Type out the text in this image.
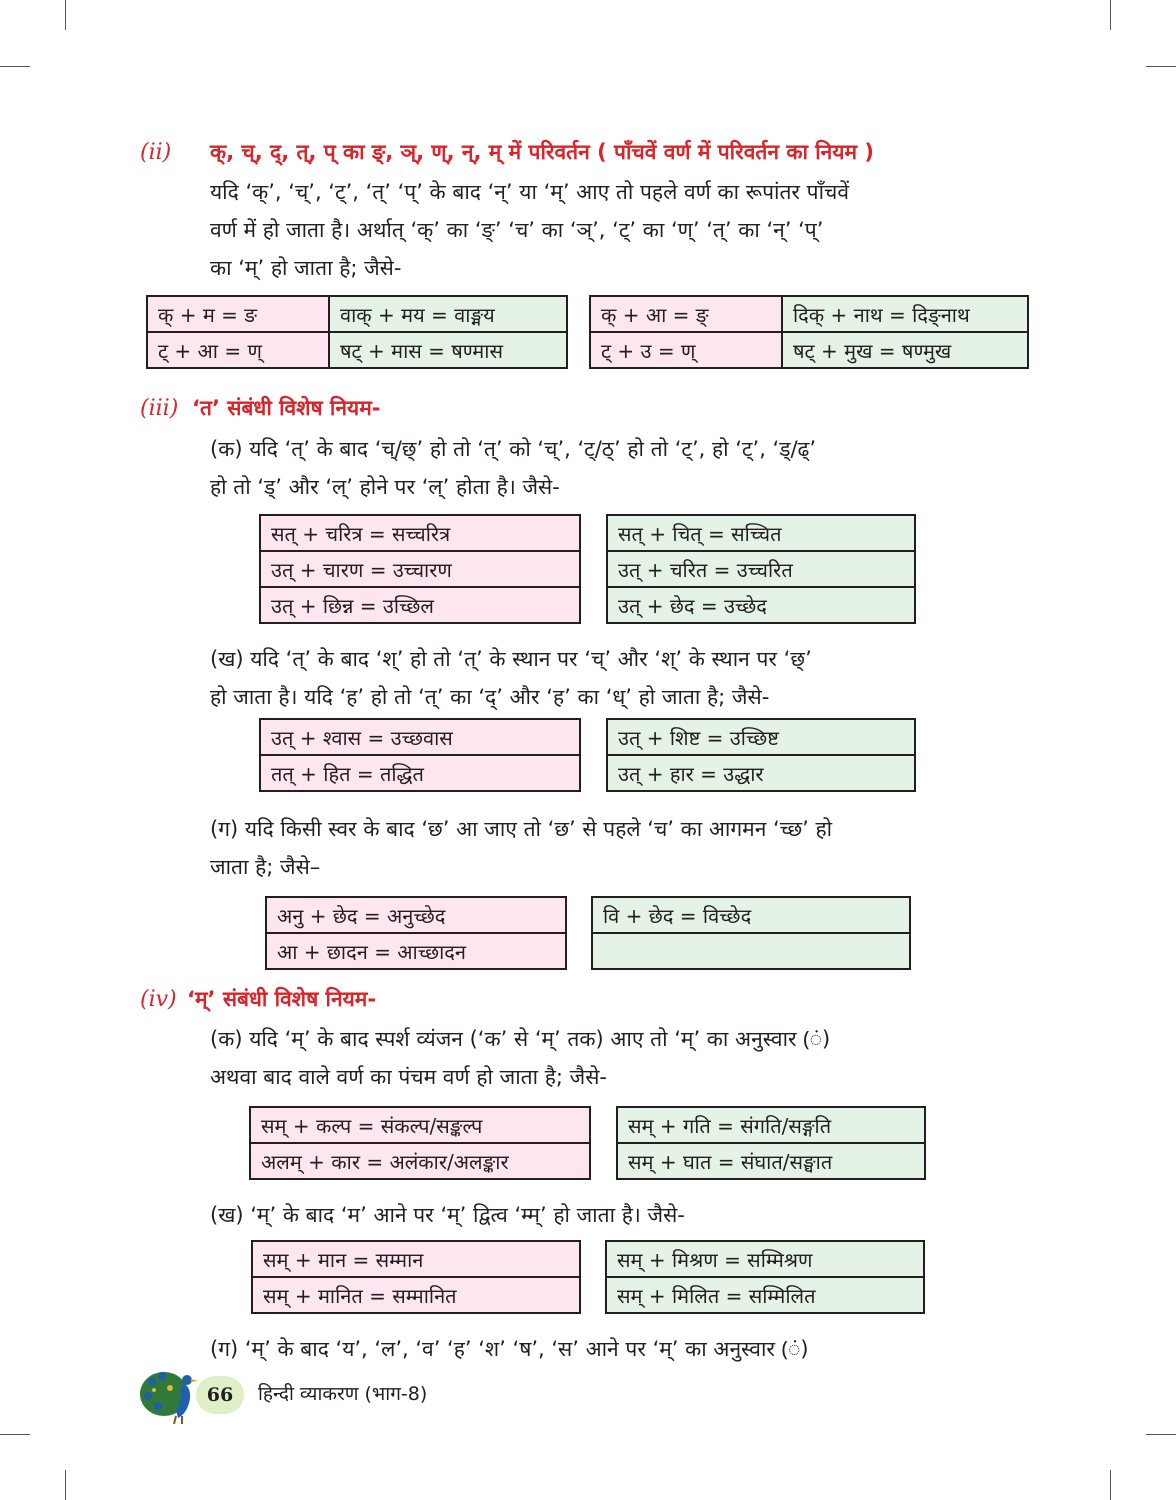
(ii) क्, च्, द्, त्, प् का ङ्, ञ्, ण्, न्, म् में परिवर्तन ( पाँचवें वर्ण में परिवर्तन का नियम )
यदि ‘क्’, ‘च्’, ‘ट्’, ‘त्’ ‘प्’ के बाद ‘न्’ या ‘म्’ आए तो पहले वर्ण का रूपांतर पाँचवें
वर्ण में हो जाता है। अर्थात् ‘क्’ का ‘ङ्’ ‘च’ का ‘ञ्’, ‘ट्’ का ‘ण्’ ‘त्’ का ‘न्’ ‘प्’
का ‘म्’ हो जाता है; जैसे-
क् + म = ङ	वाक् + मय = वाङ्मय
ट् + आ = ण्	षट् + मास = षण्मास
क् + आ = ङ्	दिक् + नाथ = दिङ्नाथ
ट् + उ = ण्	षट् + मुख = षण्मुख
(iii) ‘त’ संबंधी विशेष नियम-
(क) यदि ‘त्’ के बाद ‘च्/छ्’ हो तो ‘त्’ को ‘च्’, ‘ट्/ठ्’ हो तो ‘ट्’, हो ‘ट्’, ‘ड्/ढ्’
हो तो ‘ड्’ और ‘ल्’ होने पर ‘ल्’ होता है। जैसे-
सत् + चरित्र = सच्चरित्र
उत् + चारण = उच्चारण
उत् + छिन्न = उच्छिल
सत् + चित् = सच्चित
उत् + चरित = उच्चरित
उत् + छेद = उच्छेद
(ख) यदि ‘त्’ के बाद ‘श्’ हो तो ‘त्’ के स्थान पर ‘च्’ और ‘श्’ के स्थान पर ‘छ्’
हो जाता है। यदि ‘ह’ हो तो ‘त्’ का ‘द्’ और ‘ह’ का ‘ध्’ हो जाता है; जैसे-
उत् + श्वास = उच्छवास
तत् + हित = तद्धित
उत् + शिष्ट = उच्छिष्ट
उत् + हार = उद्धार
(ग) यदि किसी स्वर के बाद ‘छ’ आ जाए तो ‘छ’ से पहले ‘च’ का आगमन ‘च्छ’ हो
जाता है; जैसे–
अनु + छेद = अनुच्छेद
आ + छादन = आच्छादन
वि + छेद = विच्छेद

(iv) ‘म्’ संबंधी विशेष नियम-
(क) यदि ‘म्’ के बाद स्पर्श व्यंजन (‘क’ से ‘म्’ तक) आए तो ‘म्’ का अनुस्वार (ं)
अथवा बाद वाले वर्ण का पंचम वर्ण हो जाता है; जैसे-
सम् + कल्प = संकल्प/सङ्कल्प
अलम् + कार = अलंकार/अलङ्कार
सम् + गति = संगति/सङ्गति
सम् + घात = संघात/सङ्घात
(ख) ‘म्’ के बाद ‘म’ आने पर ‘म्’ द्वित्व ‘म्म्’ हो जाता है। जैसे-
सम् + मान = सम्मान
सम् + मानित = सम्मानित
सम् + मिश्रण = सम्मिश्रण
सम् + मिलित = सम्मिलित
(ग) ‘म्’ के बाद ‘य’, ‘ल’, ‘व’ ‘ह’ ‘श’ ‘ष’, ‘स’ आने पर ‘म्’ का अनुस्वार (ं)
66	हिन्दी व्याकरण (भाग-8)
